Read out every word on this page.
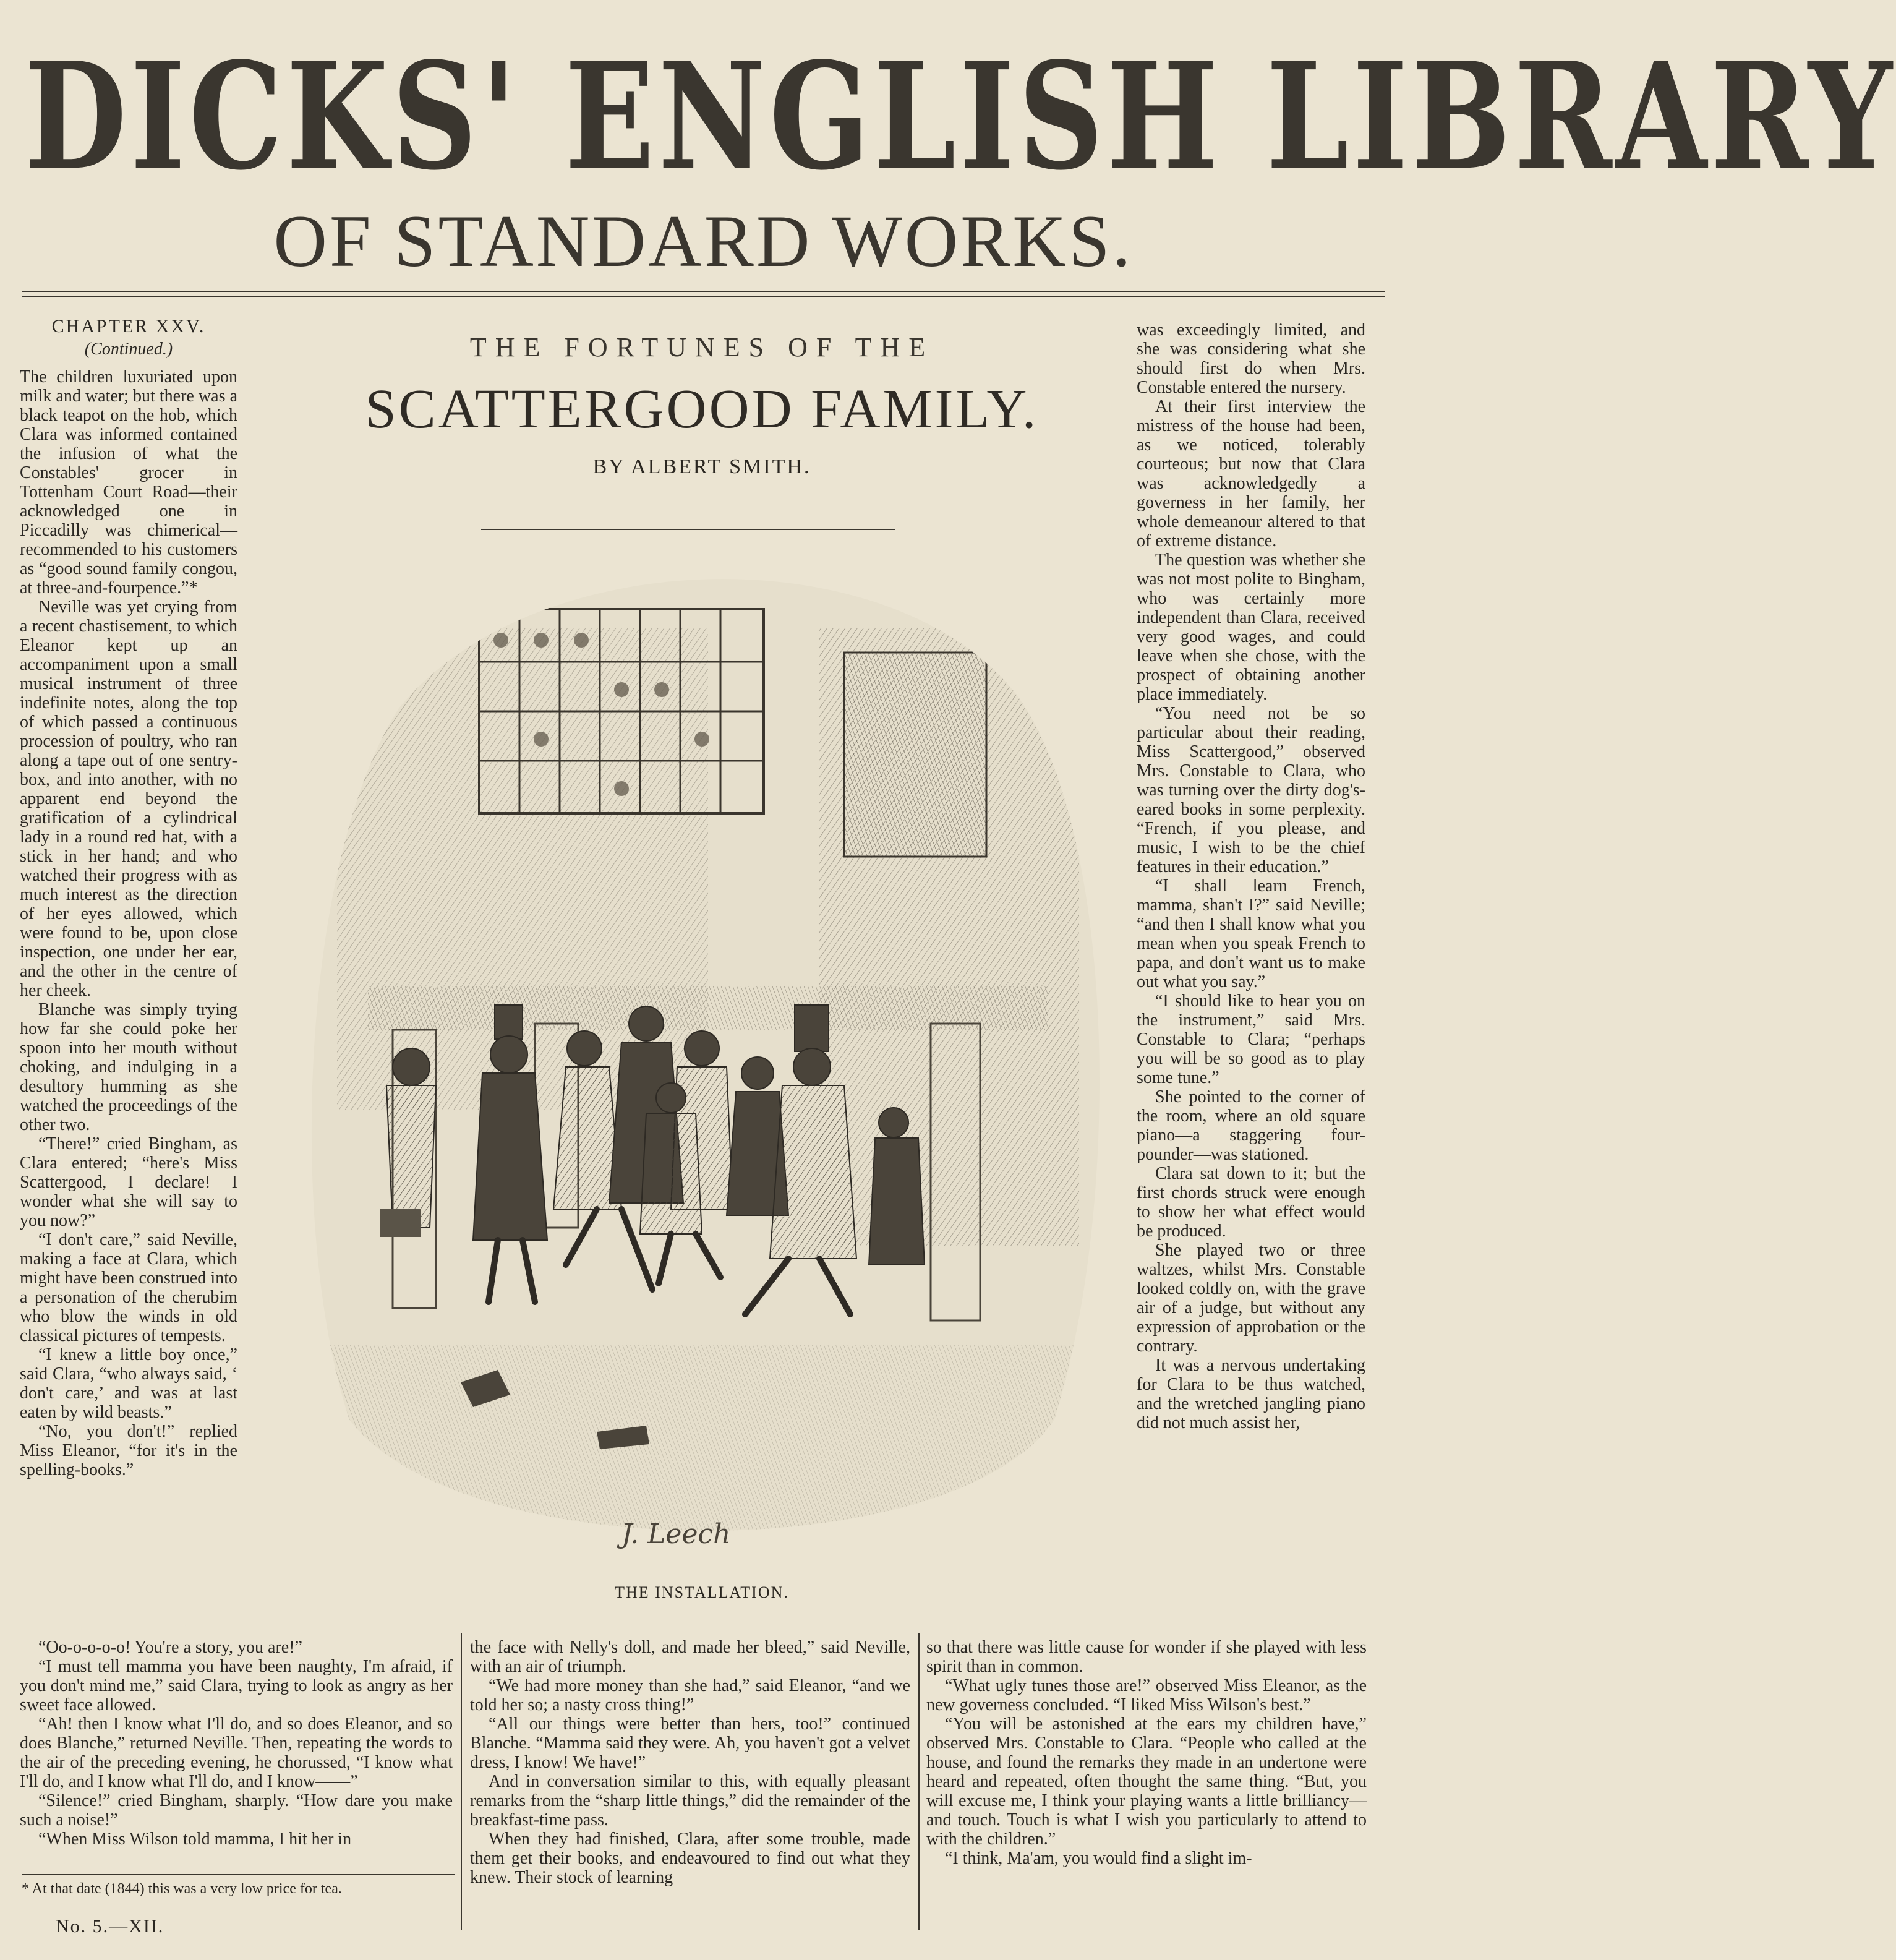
DICKS' ENGLISH LIBRARY
OF STANDARD WORKS.
CHAPTER XXV.
(Continued.)

The children luxuriated upon milk and water; but there was a black teapot on the hob, which Clara was informed contained the infusion of what the Constables' grocer in Tottenham Court Road—their acknowledged one in Piccadilly was chimerical—recommended to his customers as “good sound family congou, at three-and-fourpence.”*

Neville was yet crying from a recent chastisement, to which Eleanor kept up an accompaniment upon a small musical instrument of three indefinite notes, along the top of which passed a continuous procession of poultry, who ran along a tape out of one sentry-box, and into another, with no apparent end beyond the gratification of a cylindrical lady in a round red hat, with a stick in her hand; and who watched their progress with as much interest as the direction of her eyes allowed, which were found to be, upon close inspection, one under her ear, and the other in the centre of her cheek.

Blanche was simply trying how far she could poke her spoon into her mouth without choking, and indulging in a desultory humming as she watched the proceedings of the other two.

“There!” cried Bingham, as Clara entered; “here's Miss Scattergood, I declare! I wonder what she will say to you now?”

“I don't care,” said Neville, making a face at Clara, which might have been construed into a personation of the cherubim who blow the winds in old classical pictures of tempests.

“I knew a little boy once,” said Clara, “who always said, ‘ don't care,’ and was at last eaten by wild beasts.”

“No, you don't!” replied Miss Eleanor, “for it's in the spelling-books.”

THE FORTUNES OF THE
SCATTERGOOD FAMILY.
BY ALBERT SMITH.
J. Leech
THE INSTALLATION.

was exceedingly limited, and she was considering what she should first do when Mrs. Constable entered the nursery.

At their first interview the mistress of the house had been, as we noticed, tolerably courteous; but now that Clara was acknowledgedly a governess in her family, her whole demeanour altered to that of extreme distance.

The question was whether she was not most polite to Bingham, who was certainly more independent than Clara, received very good wages, and could leave when she chose, with the prospect of obtaining another place immediately.

“You need not be so particular about their reading, Miss Scattergood,” observed Mrs. Constable to Clara, who was turning over the dirty dog's-eared books in some perplexity. “French, if you please, and music, I wish to be the chief features in their education.”

“I shall learn French, mamma, shan't I?” said Neville; “and then I shall know what you mean when you speak French to papa, and don't want us to make out what you say.”

“I should like to hear you on the instrument,” said Mrs. Constable to Clara; “perhaps you will be so good as to play some tune.”

She pointed to the corner of the room, where an old square piano—a staggering four-pounder—was stationed.

Clara sat down to it; but the first chords struck were enough to show her what effect would be produced.

She played two or three waltzes, whilst Mrs. Constable looked coldly on, with the grave air of a judge, but without any expression of approbation or the contrary.

It was a nervous undertaking for Clara to be thus watched, and the wretched jangling piano did not much assist her,

“Oo-o-o-o-o! You're a story, you are!”

“I must tell mamma you have been naughty, I'm afraid, if you don't mind me,” said Clara, trying to look as angry as her sweet face allowed.

“Ah! then I know what I'll do, and so does Eleanor, and so does Blanche,” returned Neville. Then, repeating the words to the air of the preceding evening, he chorussed, “I know what I'll do, and I know what I'll do, and I know——”

“Silence!” cried Bingham, sharply. “How dare you make such a noise!”

“When Miss Wilson told mamma, I hit her in

the face with Nelly's doll, and made her bleed,” said Neville, with an air of triumph.

“We had more money than she had,” said Eleanor, “and we told her so; a nasty cross thing!”

“All our things were better than hers, too!” continued Blanche. “Mamma said they were. Ah, you haven't got a velvet dress, I know! We have!”

And in conversation similar to this, with equally pleasant remarks from the “sharp little things,” did the remainder of the breakfast-time pass.

When they had finished, Clara, after some trouble, made them get their books, and endeavoured to find out what they knew. Their stock of learning

so that there was little cause for wonder if she played with less spirit than in common.

“What ugly tunes those are!” observed Miss Eleanor, as the new governess concluded. “I liked Miss Wilson's best.”

“You will be astonished at the ears my children have,” observed Mrs. Constable to Clara. “People who called at the house, and found the remarks they made in an undertone were heard and repeated, often thought the same thing. “But, you will excuse me, I think your playing wants a little brilliancy—and touch. Touch is what I wish you particularly to attend to with the children.”

“I think, Ma'am, you would find a slight im-

* At that date (1844) this was a very low price for tea.
No. 5.—XII.
